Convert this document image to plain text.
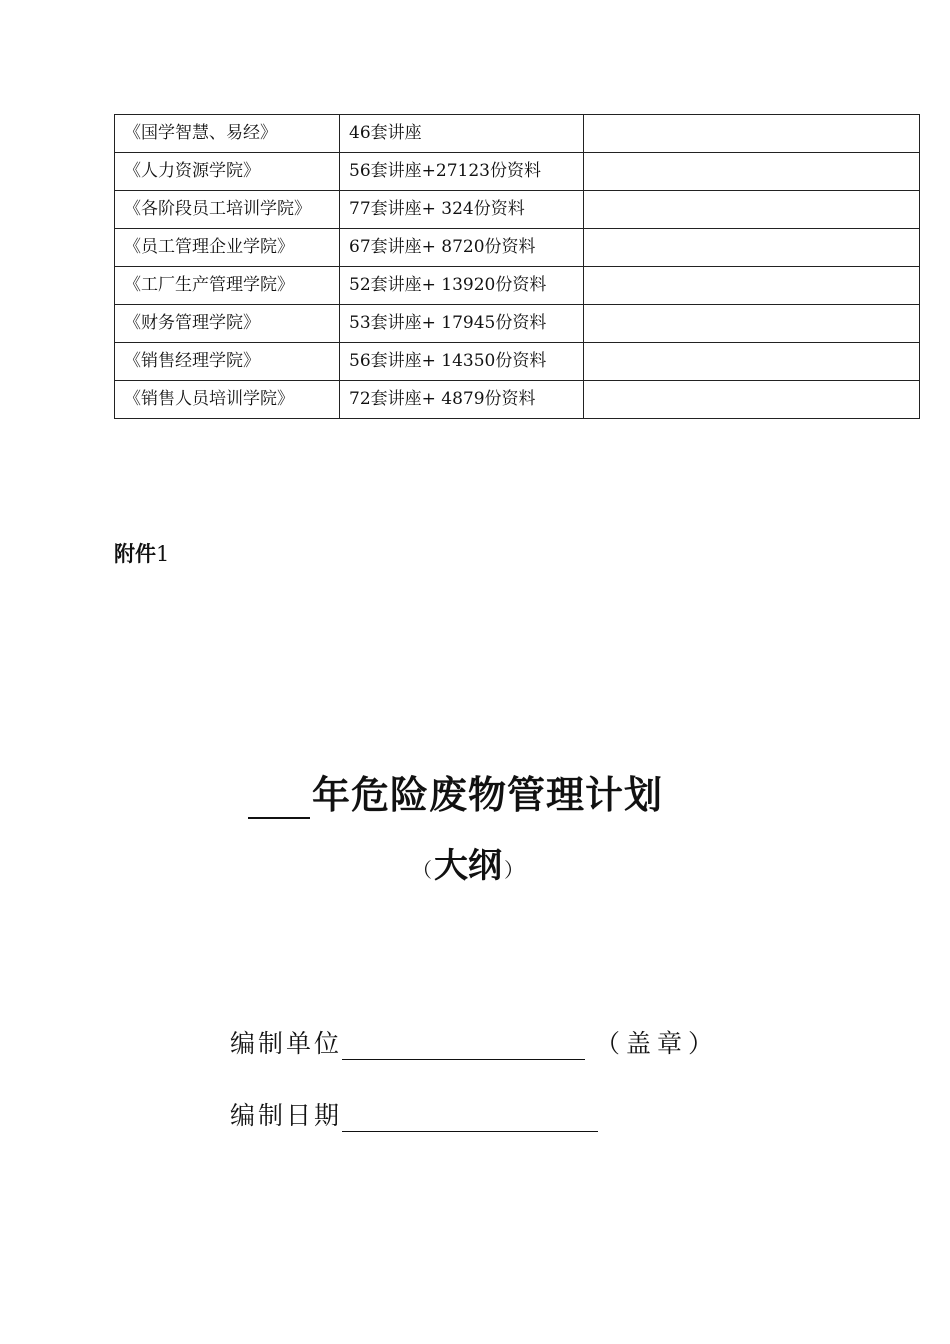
《国学智慧、易经》	46套讲座	
《人力资源学院》	56套讲座+27123份资料	
《各阶段员工培训学院》	77套讲座+ 324份资料	
《员工管理企业学院》	67套讲座+ 8720份资料	
《工厂生产管理学院》	52套讲座+ 13920份资料	
《财务管理学院》	53套讲座+ 17945份资料	
《销售经理学院》	56套讲座+ 14350份资料	
《销售人员培训学院》	72套讲座+ 4879份资料	
附件1
年危险废物管理计划
（大纲 ）
编制单位	（盖章）
编制日期
